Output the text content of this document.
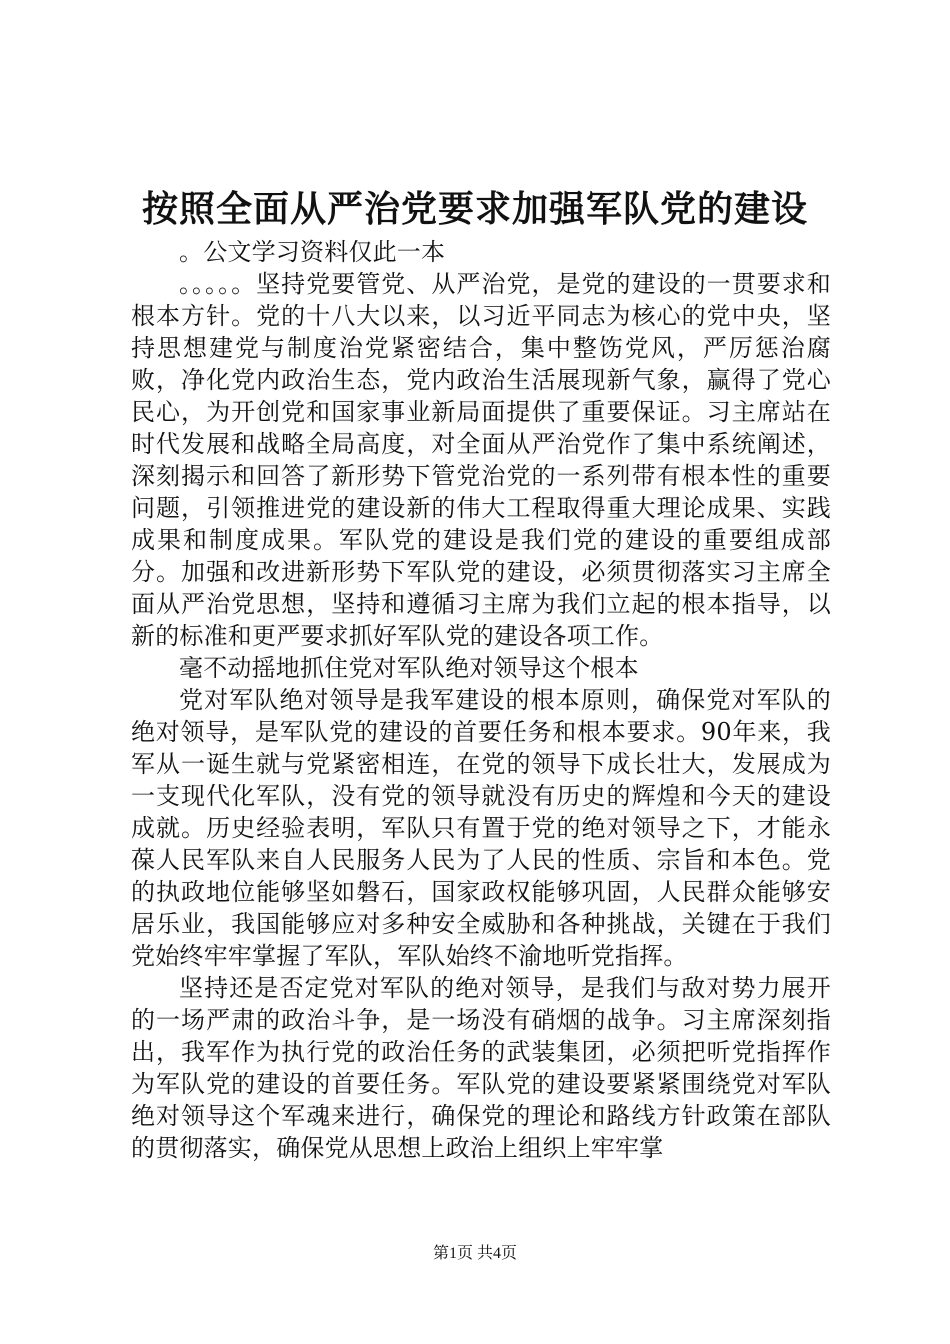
按照全面从严治党要求加强军队党的建设

。公文学习资料仅此一本

。。。。。坚持党要管党、从严治党，是党的建设的一贯要求和根本方针。党的十八大以来，以习近平同志为核心的党中央，坚持思想建党与制度治党紧密结合，集中整饬党风，严厉惩治腐败，净化党内政治生态，党内政治生活展现新气象，赢得了党心民心，为开创党和国家事业新局面提供了重要保证。习主席站在时代发展和战略全局高度，对全面从严治党作了集中系统阐述，深刻揭示和回答了新形势下管党治党的一系列带有根本性的重要问题，引领推进党的建设新的伟大工程取得重大理论成果、实践成果和制度成果。军队党的建设是我们党的建设的重要组成部分。加强和改进新形势下军队党的建设，必须贯彻落实习主席全面从严治党思想，坚持和遵循习主席为我们立起的根本指导，以新的标准和更严要求抓好军队党的建设各项工作。

毫不动摇地抓住党对军队绝对领导这个根本

党对军队绝对领导是我军建设的根本原则，确保党对军队的绝对领导，是军队党的建设的首要任务和根本要求。90年来，我军从一诞生就与党紧密相连，在党的领导下成长壮大，发展成为一支现代化军队，没有党的领导就没有历史的辉煌和今天的建设成就。历史经验表明，军队只有置于党的绝对领导之下，才能永葆人民军队来自人民服务人民为了人民的性质、宗旨和本色。党的执政地位能够坚如磐石，国家政权能够巩固，人民群众能够安居乐业，我国能够应对多种安全威胁和各种挑战，关键在于我们党始终牢牢掌握了军队，军队始终不渝地听党指挥。

坚持还是否定党对军队的绝对领导，是我们与敌对势力展开的一场严肃的政治斗争，是一场没有硝烟的战争。习主席深刻指出，我军作为执行党的政治任务的武装集团，必须把听党指挥作为军队党的建设的首要任务。军队党的建设要紧紧围绕党对军队绝对领导这个军魂来进行，确保党的理论和路线方针政策在部队的贯彻落实，确保党从思想上政治上组织上牢牢掌

第1页 共4页
